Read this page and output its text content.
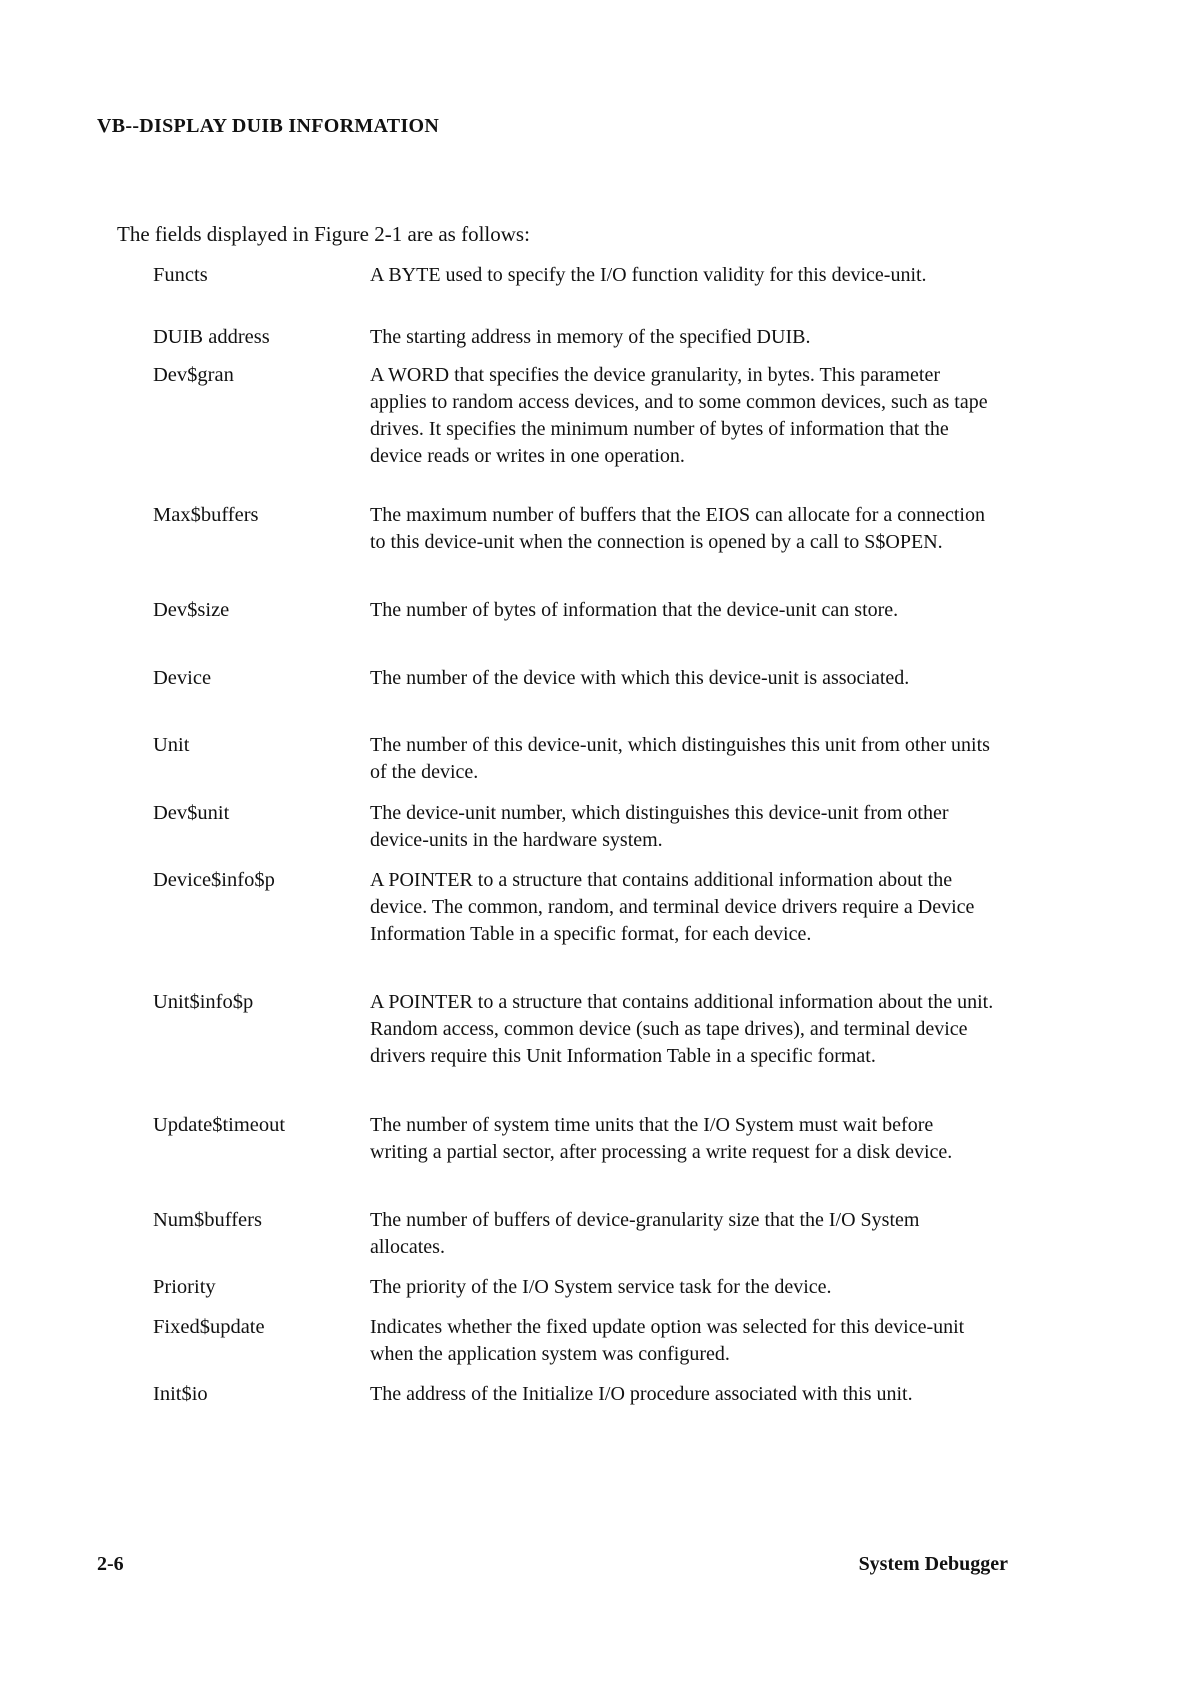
VB--DISPLAY DUIB INFORMATION

The fields displayed in Figure 2-1 are as follows:

Functs	A BYTE used to specify the I/O function validity for this device-unit.
DUIB address	The starting address in memory of the specified DUIB.
Dev$gran	A WORD that specifies the device granularity, in bytes. This parameter applies to random access devices, and to some common devices, such as tape drives. It specifies the minimum number of bytes of information that the device reads or writes in one operation.
Max$buffers	The maximum number of buffers that the EIOS can allocate for a connection to this device-unit when the connection is opened by a call to S$OPEN.
Dev$size	The number of bytes of information that the device-unit can store.
Device	The number of the device with which this device-unit is associated.
Unit	The number of this device-unit, which distinguishes this unit from other units of the device.
Dev$unit	The device-unit number, which distinguishes this device-unit from other device-units in the hardware system.
Device$info$p	A POINTER to a structure that contains additional information about the device. The common, random, and terminal device drivers require a Device Information Table in a specific format, for each device.
Unit$info$p	A POINTER to a structure that contains additional information about the unit. Random access, common device (such as tape drives), and terminal device drivers require this Unit Information Table in a specific format.
Update$timeout	The number of system time units that the I/O System must wait before writing a partial sector, after processing a write request for a disk device.
Num$buffers	The number of buffers of device-granularity size that the I/O System allocates.
Priority	The priority of the I/O System service task for the device.
Fixed$update	Indicates whether the fixed update option was selected for this device-unit when the application system was configured.
Init$io	The address of the Initialize I/O procedure associated with this unit.
2-6	System Debugger
